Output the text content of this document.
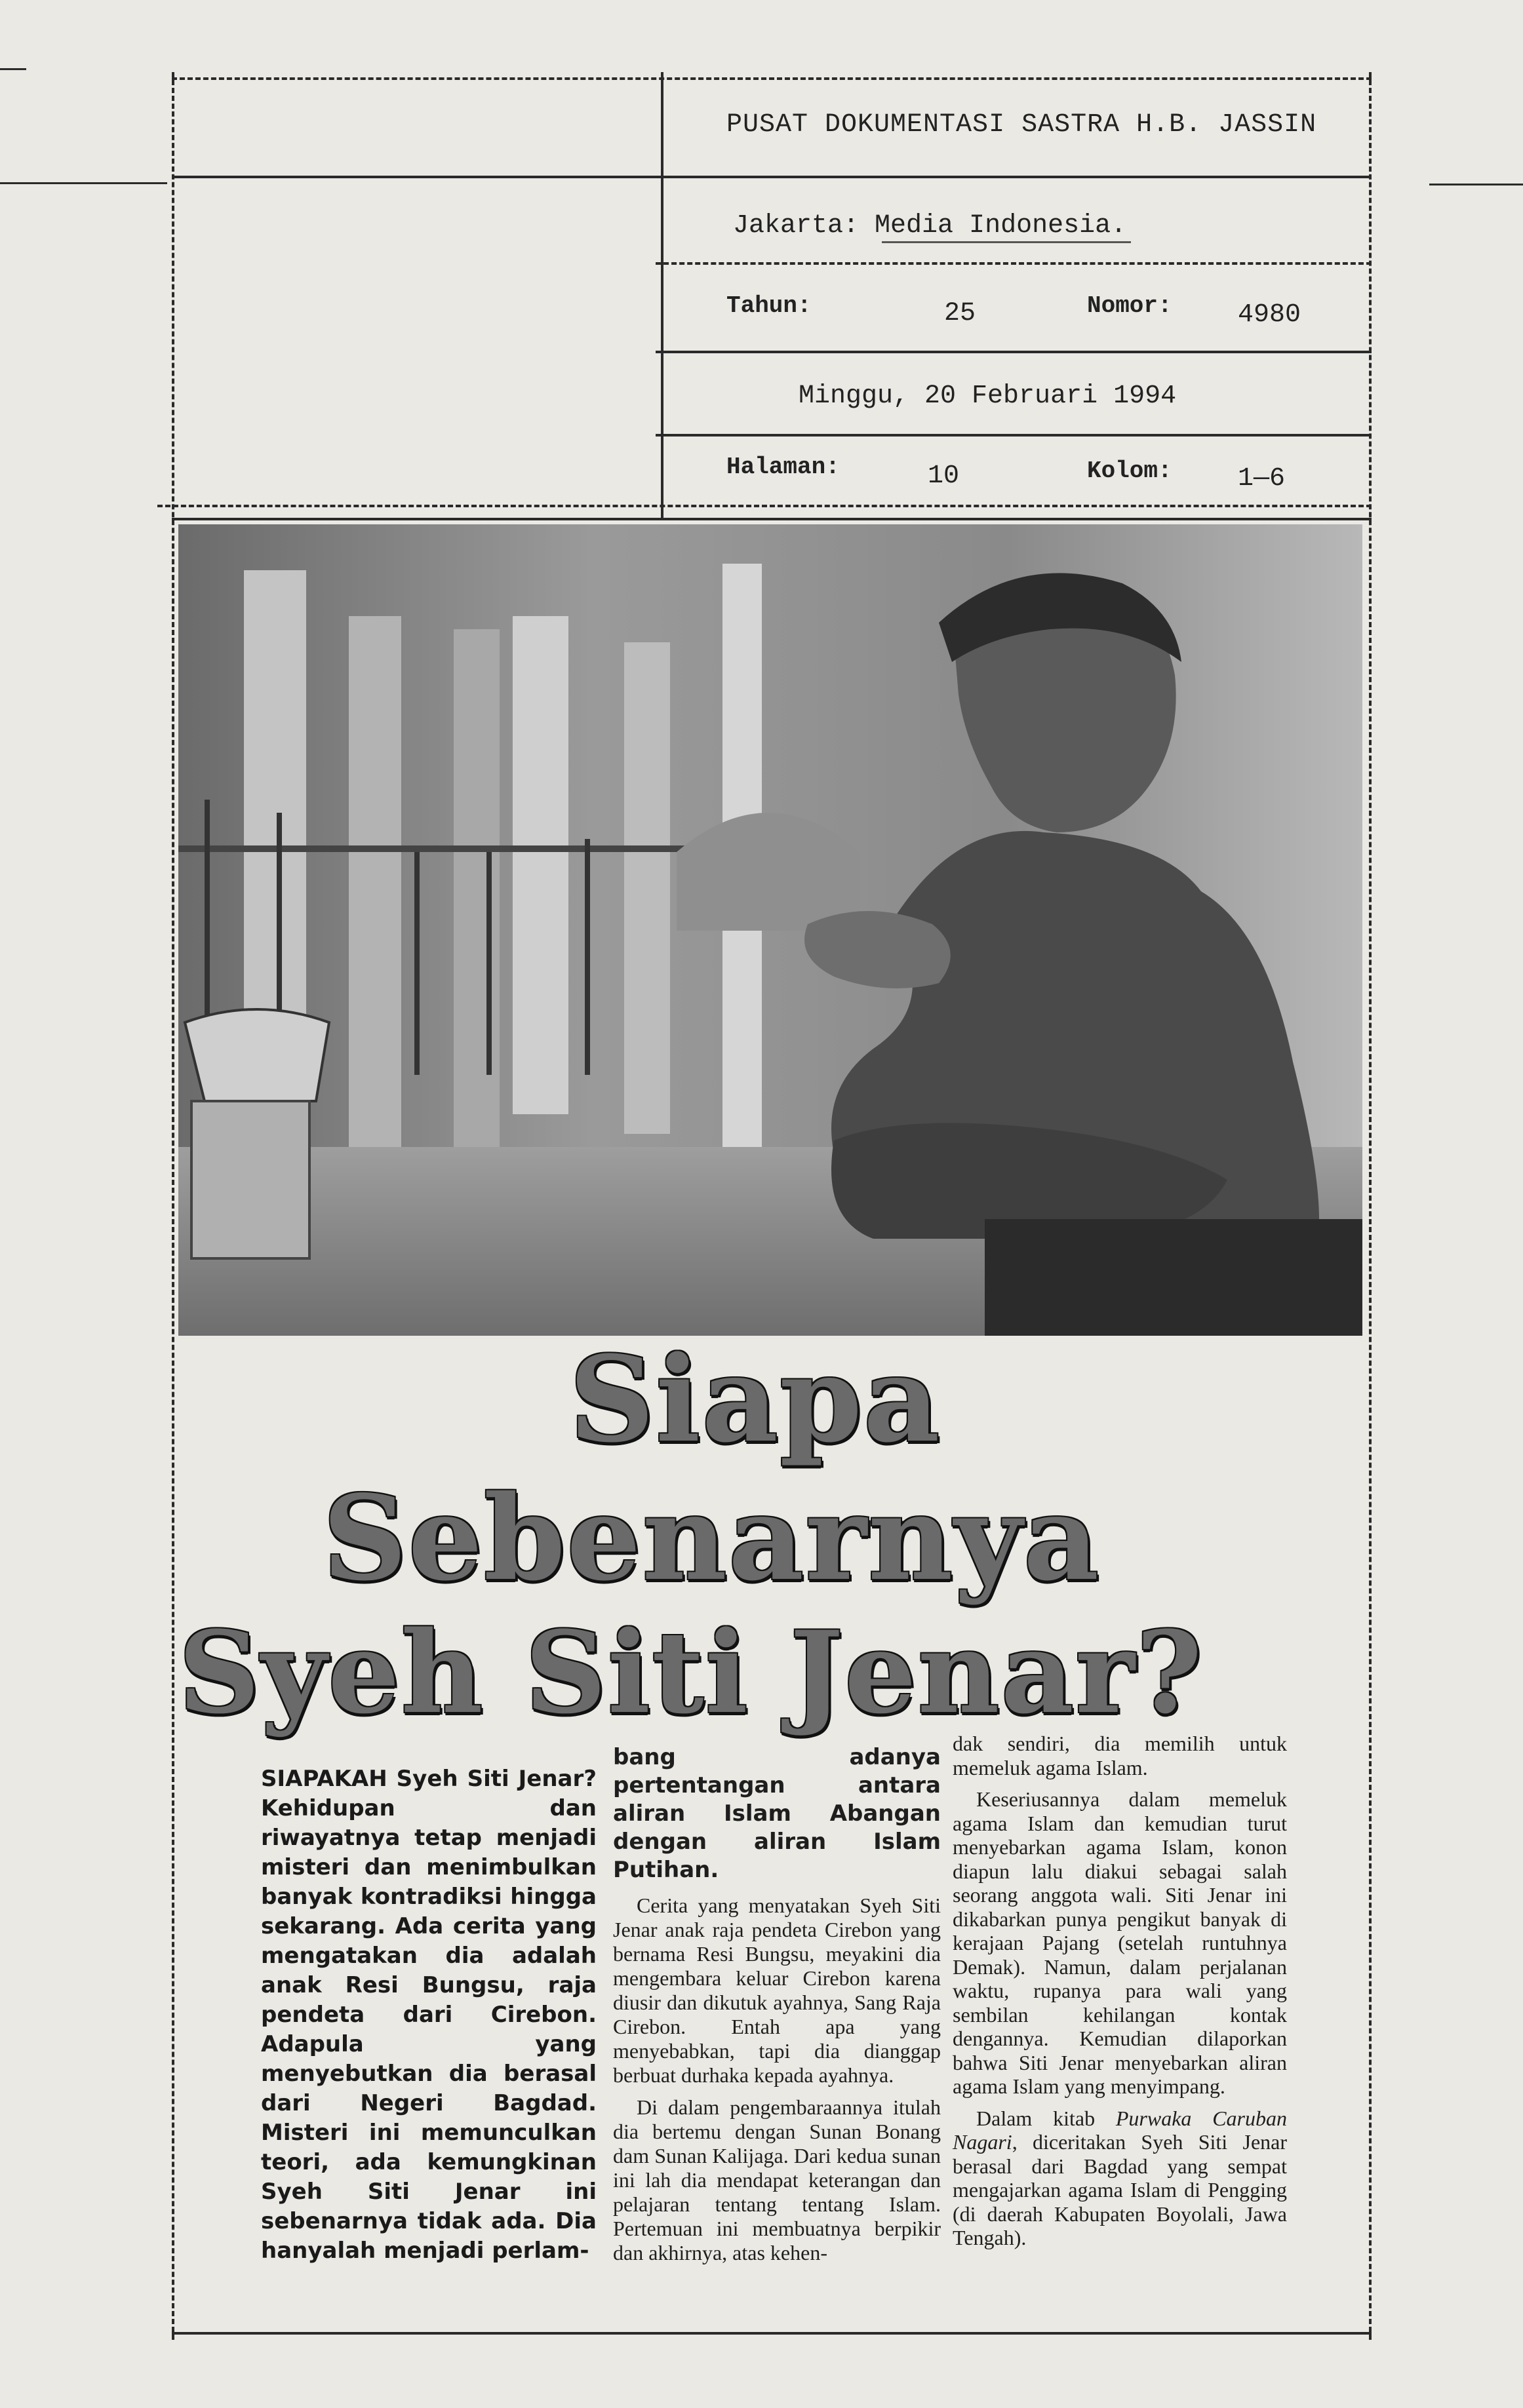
PUSAT DOKUMENTASI SASTRA H.B. JASSIN
Jakarta: Media Indonesia.
Tahun:	25	Nomor:	4980
Minggu, 20 Februari 1994
Halaman:	10	Kolom:	1—6
Siapa
Sebenarnya
Syeh Siti Jenar?

SIAPAKAH Syeh Siti Jenar? Kehidupan dan riwayatnya tetap menjadi misteri dan menimbulkan banyak kontradiksi hingga sekarang. Ada cerita yang mengatakan dia adalah anak Resi Bungsu, raja pendeta dari Cirebon. Adapula yang menyebutkan dia berasal dari Negeri Bagdad. Misteri ini memunculkan teori, ada kemungkinan Syeh Siti Jenar ini sebenarnya tidak ada. Dia hanyalah menjadi perlam-

bang adanya pertentangan antara aliran Islam Abangan dengan aliran Islam Putihan.

Cerita yang menyatakan Syeh Siti Jenar anak raja pendeta Cirebon yang bernama Resi Bungsu, meyakini dia mengembara keluar Cirebon karena diusir dan dikutuk ayahnya, Sang Raja Cirebon. Entah apa yang menyebabkan, tapi dia dianggap berbuat durhaka kepada ayahnya.

Di dalam pengembaraannya itulah dia bertemu dengan Sunan Bonang dam Sunan Kalijaga. Dari kedua sunan ini lah dia mendapat keterangan dan pelajaran tentang tentang Islam. Pertemuan ini membuatnya berpikir dan akhirnya, atas kehen-

dak sendiri, dia memilih untuk memeluk agama Islam.

Keseriusannya dalam memeluk agama Islam dan kemudian turut menyebarkan agama Islam, konon diapun lalu diakui sebagai salah seorang anggota wali. Siti Jenar ini dikabarkan punya pengikut banyak di kerajaan Pajang (setelah runtuhnya Demak). Namun, dalam perjalanan waktu, rupanya para wali yang sembilan kehilangan kontak dengannya. Kemudian dilaporkan bahwa Siti Jenar menyebarkan aliran agama Islam yang menyimpang.

Dalam kitab Purwaka Caruban Nagari, diceritakan Syeh Siti Jenar berasal dari Bagdad yang sempat mengajarkan agama Islam di Pengging (di daerah Kabupaten Boyolali, Jawa Tengah).
